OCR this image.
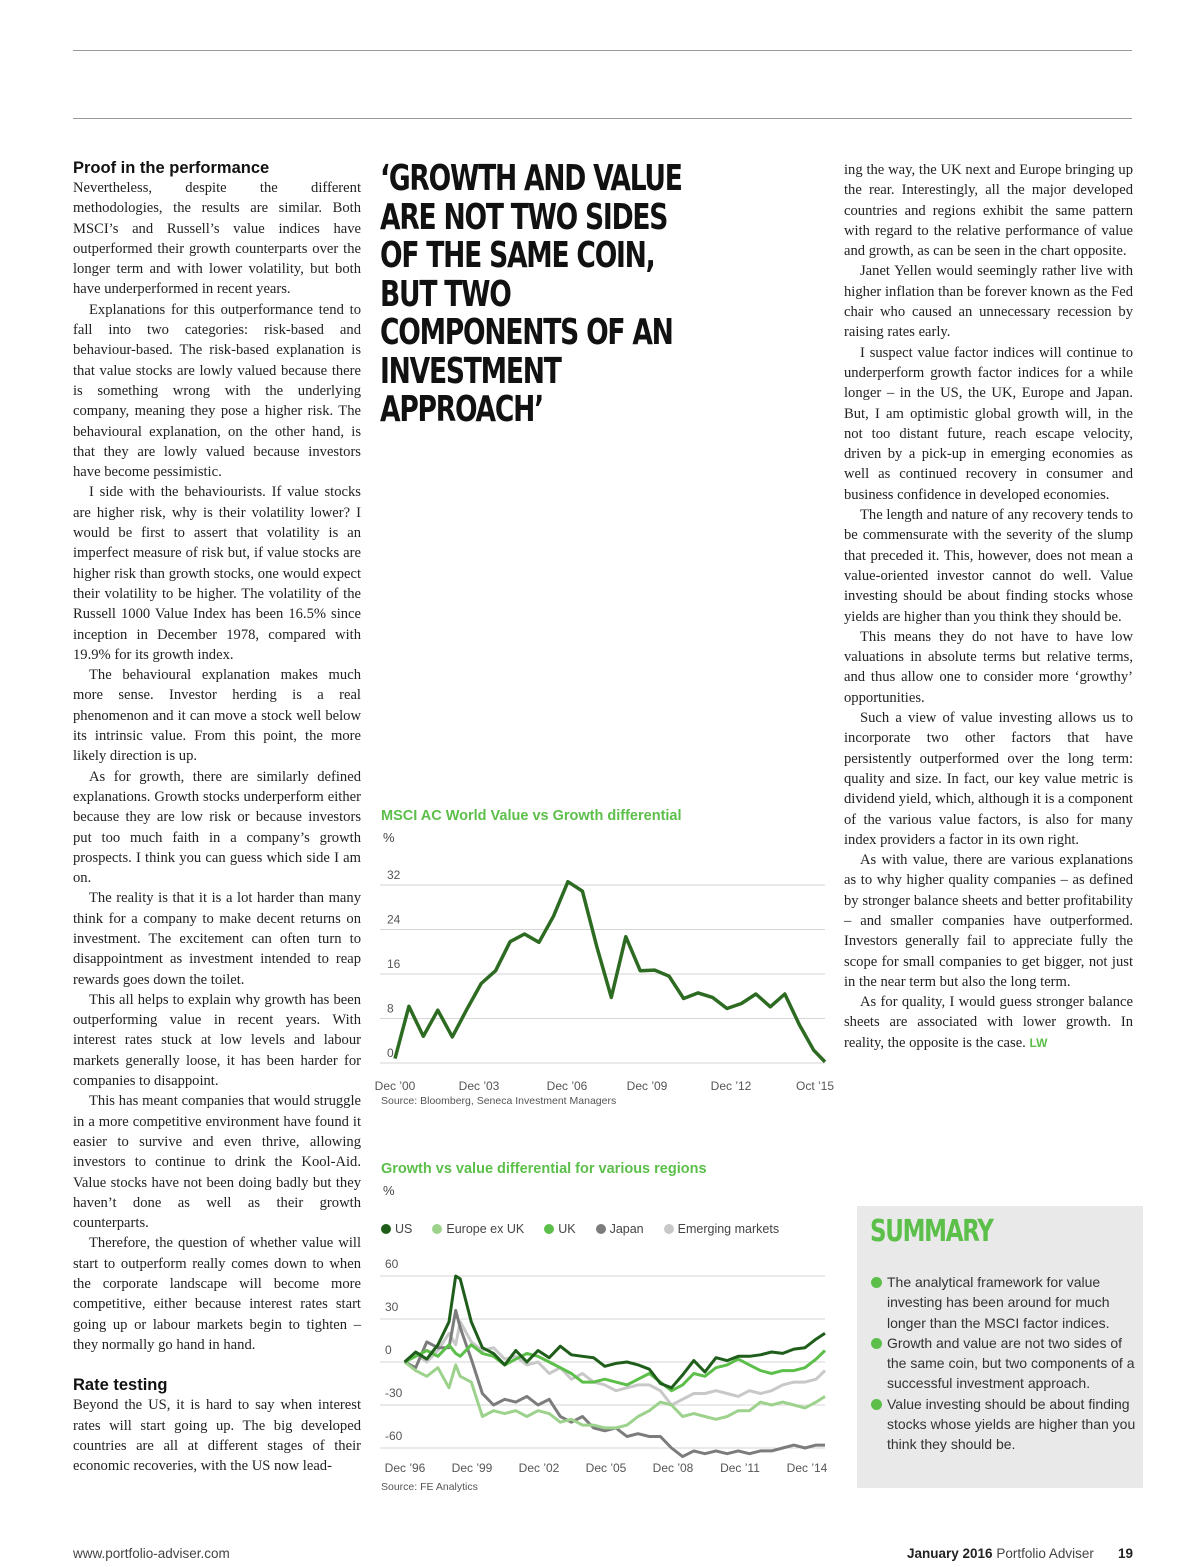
Proof in the performance

Nevertheless, despite the different methodologies, the results are similar. Both MSCI’s and Russell’s value indices have outperformed their growth counterparts over the longer term and with lower volatility, but both have underperformed in recent years.

Explanations for this outperformance tend to fall into two categories: risk-based and behaviour-based. The risk-based explanation is that value stocks are lowly valued because there is something wrong with the underlying company, meaning they pose a higher risk. The behavioural explanation, on the other hand, is that they are lowly valued because investors have become pessimistic.

I side with the behaviourists. If value stocks are higher risk, why is their volatility lower? I would be first to assert that volatility is an imperfect measure of risk but, if value stocks are higher risk than growth stocks, one would expect their volatility to be higher. The volatility of the Russell 1000 Value Index has been 16.5% since inception in December 1978, compared with 19.9% for its growth index.

The behavioural explanation makes much more sense. Investor herding is a real phenomenon and it can move a stock well below its intrinsic value. From this point, the more likely direction is up.

As for growth, there are similarly defined explanations. Growth stocks underperform either because they are low risk or because investors put too much faith in a company’s growth prospects. I think you can guess which side I am on.

The reality is that it is a lot harder than many think for a company to make decent returns on investment. The excitement can often turn to disappointment as investment intended to reap rewards goes down the toilet.

This all helps to explain why growth has been outperforming value in recent years. With interest rates stuck at low levels and labour markets generally loose, it has been harder for companies to disappoint.

This has meant companies that would struggle in a more competitive environment have found it easier to survive and even thrive, allowing investors to continue to drink the Kool-Aid. Value stocks have not been doing badly but they haven’t done as well as their growth counterparts.

Therefore, the question of whether value will start to outperform really comes down to when the corporate landscape will become more competitive, either because interest rates start going up or labour markets begin to tighten – they normally go hand in hand.

Rate testing

Beyond the US, it is hard to say when interest rates will start going up. The big developed countries are all at different stages of their economic recoveries, with the US now lead-

‘GROWTH AND VALUE ARE NOT TWO SIDES OF THE SAME COIN, BUT TWO COMPONENTS OF AN INVESTMENT APPROACH’
MSCI AC World Value vs Growth differential
%
0
8
16
24
32
Dec ’00	Dec ’03	Dec ’06	Dec ’09	Dec ’12	Oct ’15
Source: Bloomberg, Seneca Investment Managers
Growth vs value differential for various regions
%
US	Europe ex UK	UK	Japan	Emerging markets
-60
-30
0
30
60
Dec ’96 Dec ’99 Dec ’02 Dec ’05 Dec ’08 Dec ’11 Dec ’14
Source: FE Analytics

ing the way, the UK next and Europe bringing up the rear. Interestingly, all the major developed countries and regions exhibit the same pattern with regard to the relative performance of value and growth, as can be seen in the chart opposite.

Janet Yellen would seemingly rather live with higher inflation than be forever known as the Fed chair who caused an unnecessary recession by raising rates early.

I suspect value factor indices will continue to underperform growth factor indices for a while longer – in the US, the UK, Europe and Japan. But, I am optimistic global growth will, in the not too distant future, reach escape velocity, driven by a pick-up in emerging economies as well as continued recovery in consumer and business confidence in developed economies.

The length and nature of any recovery tends to be commensurate with the severity of the slump that preceded it. This, however, does not mean a value-oriented investor cannot do well. Value investing should be about finding stocks whose yields are higher than you think they should be.

This means they do not have to have low valuations in absolute terms but relative terms, and thus allow one to consider more ‘growthy’ opportunities.

Such a view of value investing allows us to incorporate two other factors that have persistently outperformed over the long term: quality and size. In fact, our key value metric is dividend yield, which, although it is a component of the various value factors, is also for many index providers a factor in its own right.

As with value, there are various explanations as to why higher quality companies – as defined by stronger balance sheets and better profitability – and smaller companies have outperformed. Investors generally fail to appreciate fully the scope for small companies to get bigger, not just in the near term but also the long term.

As for quality, I would guess stronger balance sheets are associated with lower growth. In reality, the opposite is the case. LW

SUMMARY
The analytical framework for value investing has been around for much longer than the MSCI factor indices.
Growth and value are not two sides of the same coin, but two components of a successful investment approach.
Value investing should be about finding stocks whose yields are higher than you think they should be.
www.portfolio-adviser.com	January 2016 Portfolio Adviser 19
